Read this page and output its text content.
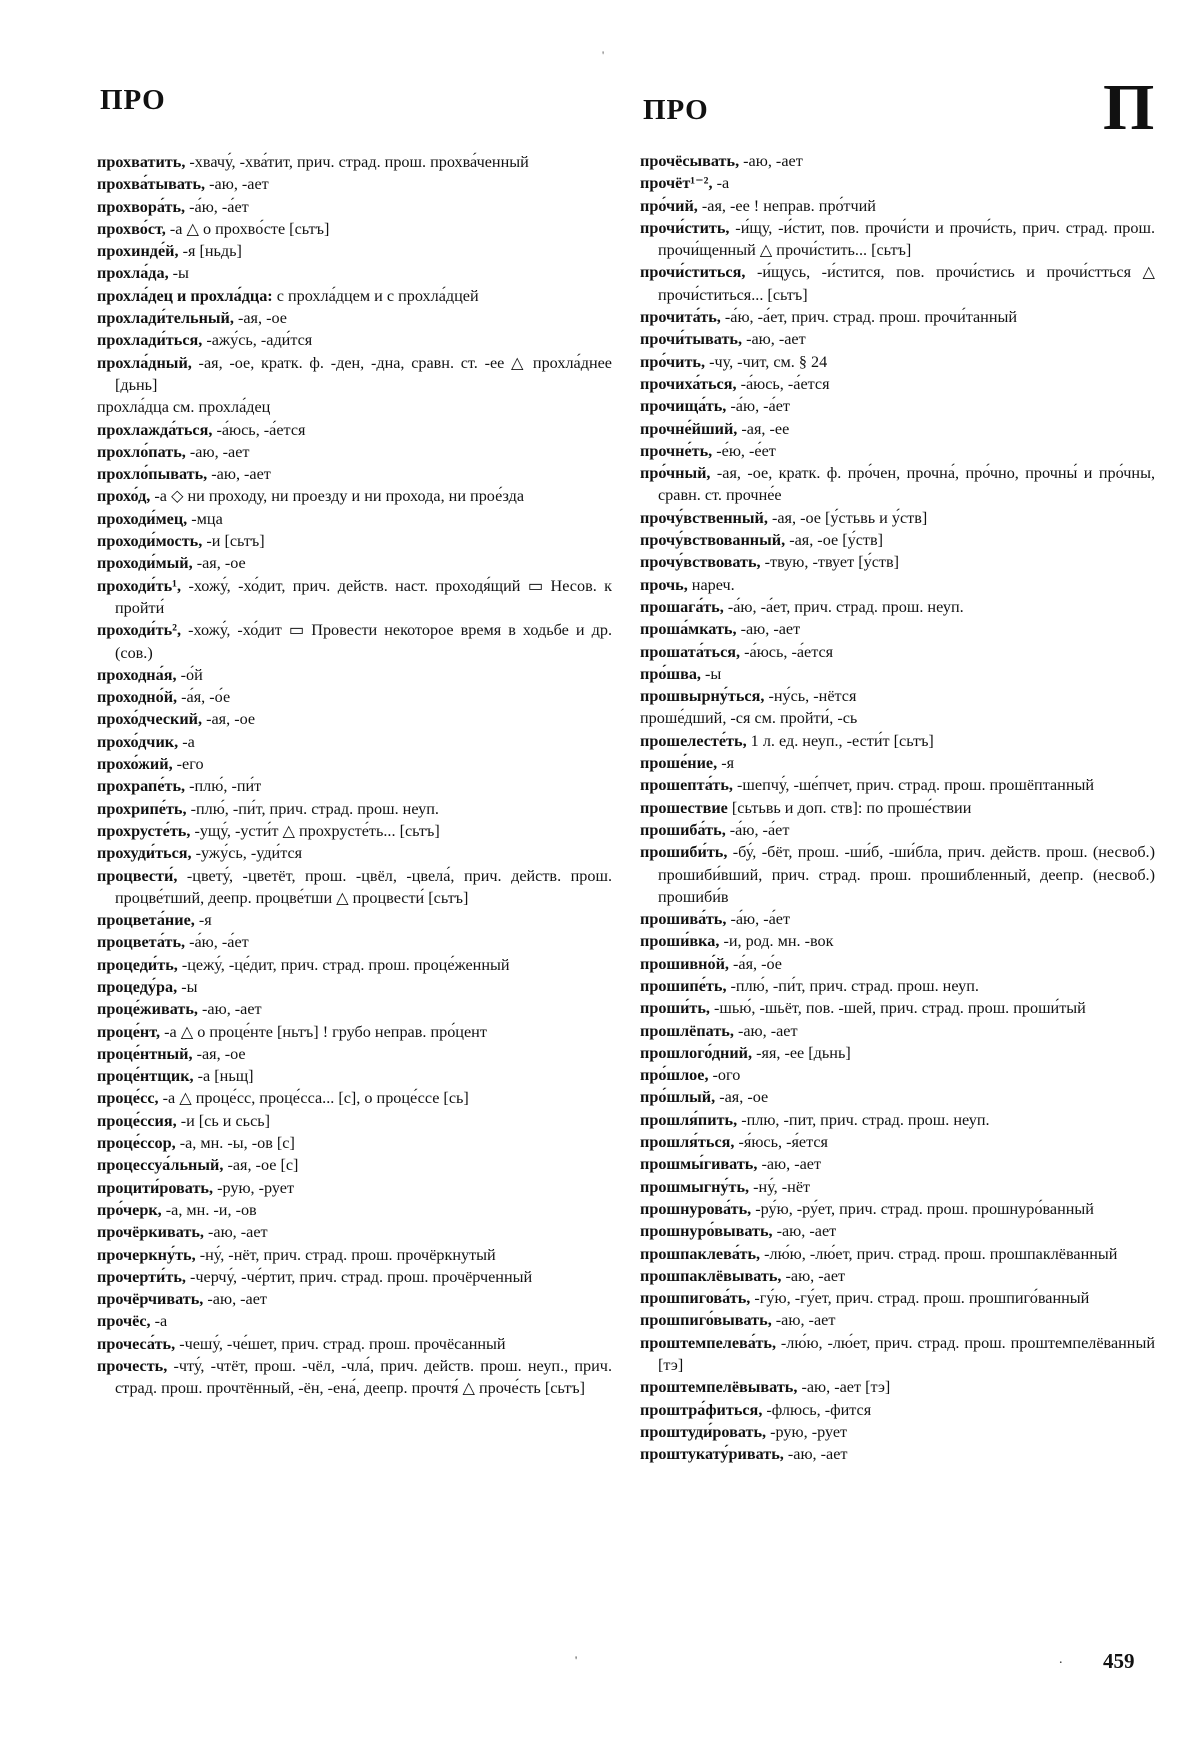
ПРО	ПРО	П
'
'	. 459

прохватить, -хвачу́, -хва́тит, прич. страд. прош. прохва́ченный

прохва́тывать, -аю, -ает

прохвора́ть, -а́ю, -а́ет

прохво́ст, -а △ о прохво́сте [сьтъ]

прохинде́й, -я [ньдь]

прохла́да, -ы

прохла́дец и прохла́дца: с прохла́дцем и с прохла́дцей

прохлади́тельный, -ая, -ое

прохлади́ться, -ажу́сь, -ади́тся

прохла́дный, -ая, -ое, кратк. ф. -ден, -дна, сравн. ст. -ее △ прохла́днее [дьнь]

прохла́дца см. прохла́дец

прохлажда́ться, -а́юсь, -а́ется

прохло́пать, -аю, -ает

прохло́пывать, -аю, -ает

прохо́д, -а ◇ ни проходу, ни проезду и ни прохода, ни прое́зда

проходи́мец, -мца

проходи́мость, -и [сьтъ]

проходи́мый, -ая, -ое

проходи́ть¹, -хожу́, -хо́дит, прич. действ. наст. проходя́щий ▭ Несов. к пройти́

проходи́ть², -хожу́, -хо́дит ▭ Провести некоторое время в ходьбе и др. (сов.)

проходна́я, -о́й

проходно́й, -а́я, -о́е

прохо́дческий, -ая, -ое

прохо́дчик, -а

прохо́жий, -его

прохрапе́ть, -плю́, -пи́т

прохрипе́ть, -плю́, -пи́т, прич. страд. прош. неуп.

прохрусте́ть, -ущу́, -усти́т △ прохрусте́ть... [сьтъ]

прохуди́ться, -ужу́сь, -уди́тся

процвести́, -цвету́, -цветёт, прош. -цвёл, -цвела́, прич. действ. прош. процве́тший, деепр. процве́тши △ процвести́ [сьтъ]

процвета́ние, -я

процвета́ть, -а́ю, -а́ет

процеди́ть, -цежу́, -це́дит, прич. страд. прош. проце́женный

процеду́ра, -ы

проце́живать, -аю, -ает

проце́нт, -а △ о проце́нте [ньтъ] ! грубо неправ. про́цент

проце́нтный, -ая, -ое

проце́нтщик, -а [ньщ]

проце́сс, -а △ проце́сс, проце́сса... [с], о проце́ссе [сь]

проце́ссия, -и [сь и сьсь]

проце́ссор, -а, мн. -ы, -ов [с]

процессуа́льный, -ая, -ое [с]

процити́ровать, -рую, -рует

про́черк, -а, мн. -и, -ов

прочёркивать, -аю, -ает

прочеркну́ть, -ну́, -нёт, прич. страд. прош. прочёркнутый

прочерти́ть, -черчу́, -че́ртит, прич. страд. прош. прочёрченный

прочёрчивать, -аю, -ает

прочёс, -а

прочеса́ть, -чешу́, -че́шет, прич. страд. прош. прочёсанный

прочесть, -чту́, -чтёт, прош. -чёл, -чла́, прич. действ. прош. неуп., прич. страд. прош. прочтённый, -ён, -ена́, деепр. прочтя́ △ проче́сть [сьтъ]

прочёсывать, -аю, -ает

прочёт¹⁻², -а

про́чий, -ая, -ее ! неправ. про́тчий

прочи́стить, -и́щу, -и́стит, пов. прочи́сти и прочи́сть, прич. страд. прош. прочи́щенный △ прочи́стить... [сьтъ]

прочи́ститься, -и́щусь, -и́стится, пов. прочи́стись и прочи́стться △ прочи́ститься... [сьтъ]

прочита́ть, -а́ю, -а́ет, прич. страд. прош. прочи́танный

прочи́тывать, -аю, -ает

про́чить, -чу, -чит, см. § 24

прочиха́ться, -а́юсь, -а́ется

прочища́ть, -а́ю, -а́ет

прочне́йший, -ая, -ее

прочне́ть, -е́ю, -е́ет

про́чный, -ая, -ое, кратк. ф. про́чен, прочна́, про́чно, прочны́ и про́чны, сравн. ст. прочне́е

прочу́вственный, -ая, -ое [у́стьвь и у́ств]

прочу́вствованный, -ая, -ое [у́ств]

прочу́вствовать, -твую, -твует [у́ств]

прочь, нареч.

прошага́ть, -а́ю, -а́ет, прич. страд. прош. неуп.

проша́мкать, -аю, -ает

прошата́ться, -а́юсь, -а́ется

про́шва, -ы

прошвырну́ться, -ну́сь, -нётся

проше́дший, -ся см. пройти́, -сь

прошелесте́ть, 1 л. ед. неуп., -ести́т [сьтъ]

проше́ние, -я

прошепта́ть, -шепчу́, -ше́пчет, прич. страд. прош. прошёптанный

прошествие [сьтьвь и доп. ств]: по проше́ствии

прошиба́ть, -а́ю, -а́ет

прошиби́ть, -бу́, -бёт, прош. -ши́б, -ши́бла, прич. действ. прош. (несвоб.) прошиби́вший, прич. страд. прош. прошибленный, деепр. (несвоб.) прошиби́в

прошива́ть, -а́ю, -а́ет

проши́вка, -и, род. мн. -вок

прошивно́й, -а́я, -о́е

прошипе́ть, -плю́, -пи́т, прич. страд. прош. неуп.

проши́ть, -шью́, -шьёт, пов. -шей, прич. страд. прош. проши́тый

прошлёпать, -аю, -ает

прошлого́дний, -яя, -ее [дьнь]

про́шлое, -ого

про́шлый, -ая, -ое

прошля́пить, -плю, -пит, прич. страд. прош. неуп.

прошля́ться, -я́юсь, -я́ется

прошмы́гивать, -аю, -ает

прошмыгну́ть, -ну́, -нёт

прошнурова́ть, -ру́ю, -ру́ет, прич. страд. прош. прошнуро́ванный

прошнуро́вывать, -аю, -ает

прошпаклева́ть, -лю́ю, -лю́ет, прич. страд. прош. прошпаклёванный

прошпаклёвывать, -аю, -ает

прошпигова́ть, -гу́ю, -гу́ет, прич. страд. прош. прошпиго́ванный

прошпиго́вывать, -аю, -ает

проштемпелева́ть, -лю́ю, -лю́ет, прич. страд. прош. проштемпелёванный [тэ]

проштемпелёвывать, -аю, -ает [тэ]

проштра́фиться, -флюсь, -фится

проштуди́ровать, -рую, -рует

проштукату́ривать, -аю, -ает
